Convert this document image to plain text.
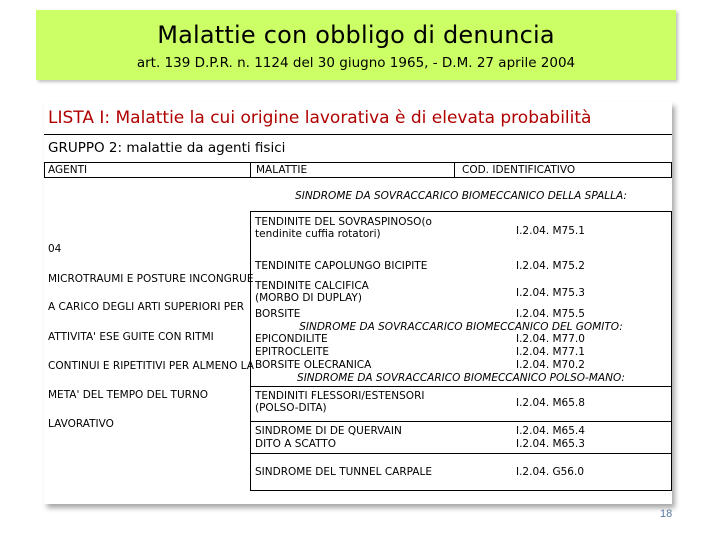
Malattie con obbligo di denuncia
art. 139 D.P.R. n. 1124 del 30 giugno 1965, - D.M. 27 aprile 2004
LISTA I: Malattie la cui origine lavorativa è di elevata probabilità
GRUPPO 2: malattie da agenti fisici
AGENTI	MALATTIE	COD. IDENTIFICATIVO
SINDROME DA SOVRACCARICO BIOMECCANICO DELLA SPALLA:
04
MICROTRAUMI E POSTURE INCONGRUE
A CARICO DEGLI ARTI SUPERIORI PER
ATTIVITA' ESE GUITE CON RITMI
CONTINUI E RIPETITIVI PER ALMENO LA
META' DEL TEMPO DEL TURNO
LAVORATIVO
TENDINITE DEL SOVRASPINOSO(o
tendinite cuffia rotatori)	I.2.04. M75.1
TENDINITE CAPOLUNGO BICIPITE	I.2.04. M75.2
TENDINITE CALCIFICA
(MORBO DI DUPLAY)	I.2.04. M75.3
BORSITE	I.2.04. M75.5
SINDROME DA SOVRACCARICO BIOMECCANICO DEL GOMITO:
EPICONDILITE	I.2.04. M77.0
EPITROCLEITE	I.2.04. M77.1
BORSITE OLECRANICA	I.2.04. M70.2
SINDROME DA SOVRACCARICO BIOMECCANICO POLSO-MANO:
TENDINITI FLESSORI/ESTENSORI
(POLSO-DITA)	I.2.04. M65.8
SINDROME DI DE QUERVAIN	I.2.04. M65.4
DITO A SCATTO	I.2.04. M65.3
SINDROME DEL TUNNEL CARPALE	I.2.04. G56.0
18
